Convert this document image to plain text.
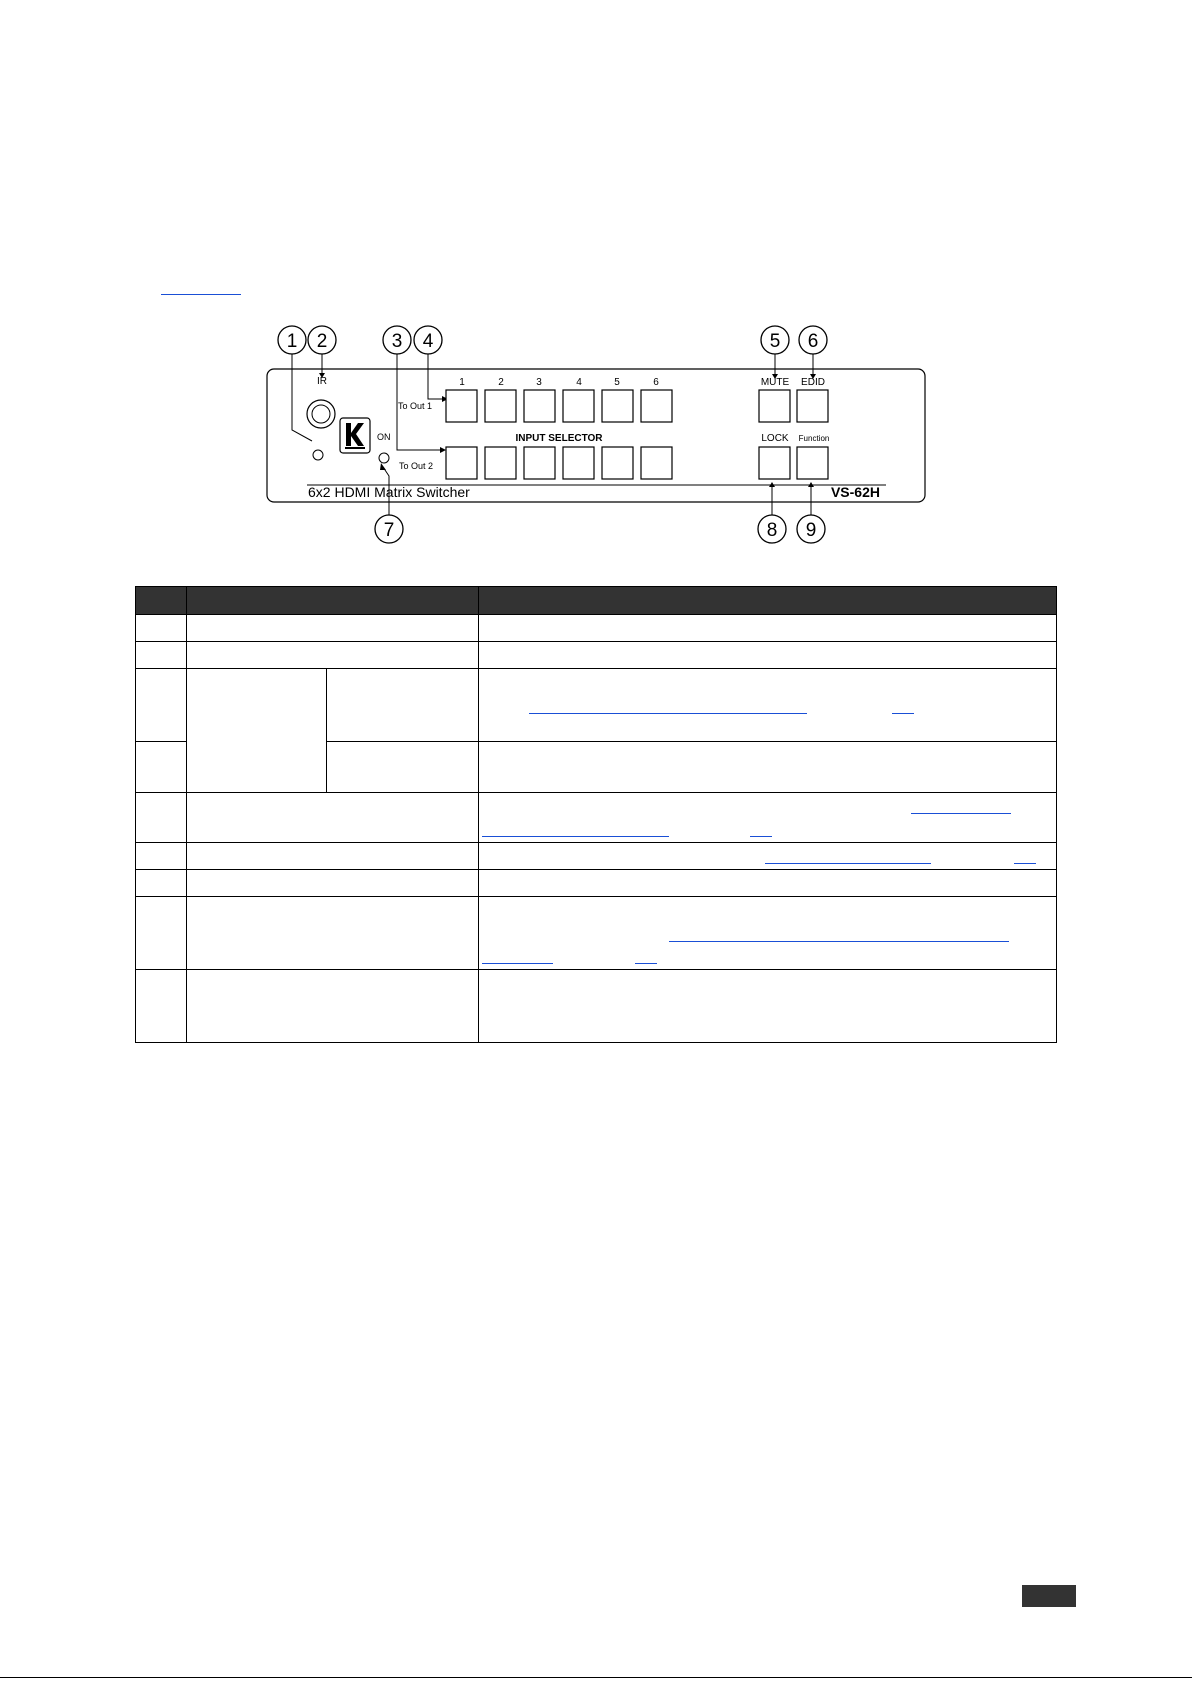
1 2	3 4	5 6
7	8 9
IR
ON
To Out 1
To Out 2
1	2	3	4	5	6
INPUT SELECTOR
MUTE EDID
LOCK Function
6x2 HDMI Matrix Switcher	VS-62H
